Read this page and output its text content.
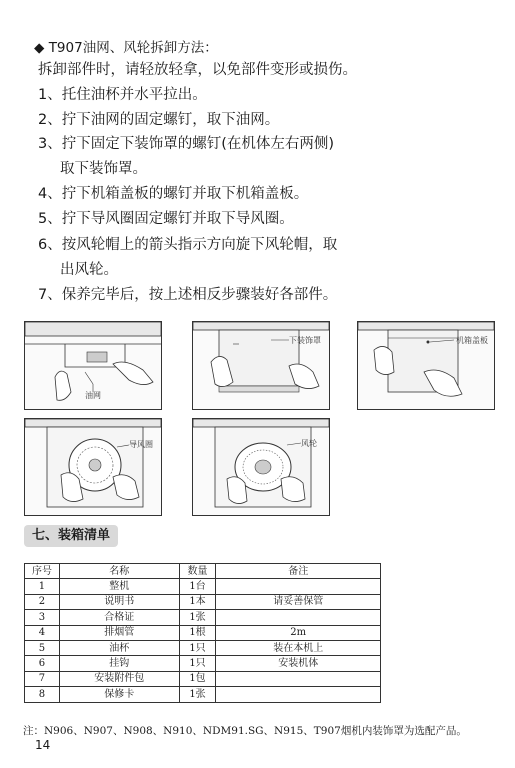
◆ T907油网、风轮拆卸方法：
拆卸部件时，请轻放轻拿，以免部件变形或损伤。
1、托住油杯并水平拉出。
2、拧下油网的固定螺钉，取下油网。
3、拧下固定下装饰罩的螺钉(在机体左右两侧)
取下装饰罩。
4、拧下机箱盖板的螺钉并取下机箱盖板。
5、拧下导风圈固定螺钉并取下导风圈。
6、按风轮帽上的箭头指示方向旋下风轮帽，取
出风轮。
7、保养完毕后，按上述相反步骤装好各部件。
油网
下装饰罩	机箱盖板
导风圈	风轮
七、装箱清单
序号	名称	数量	备注
1	整机	1台	
2	说明书	1本	请妥善保管
3	合格证	1张	
4	排烟管	1根	2m
5	油杯	1只	装在本机上
6	挂钩	1只	安装机体
7	安装附件包	1包	
8	保修卡	1张	
注：N906、N907、N908、N910、NDM91.SG、N915、T907烟机内装饰罩为选配产品。
14
